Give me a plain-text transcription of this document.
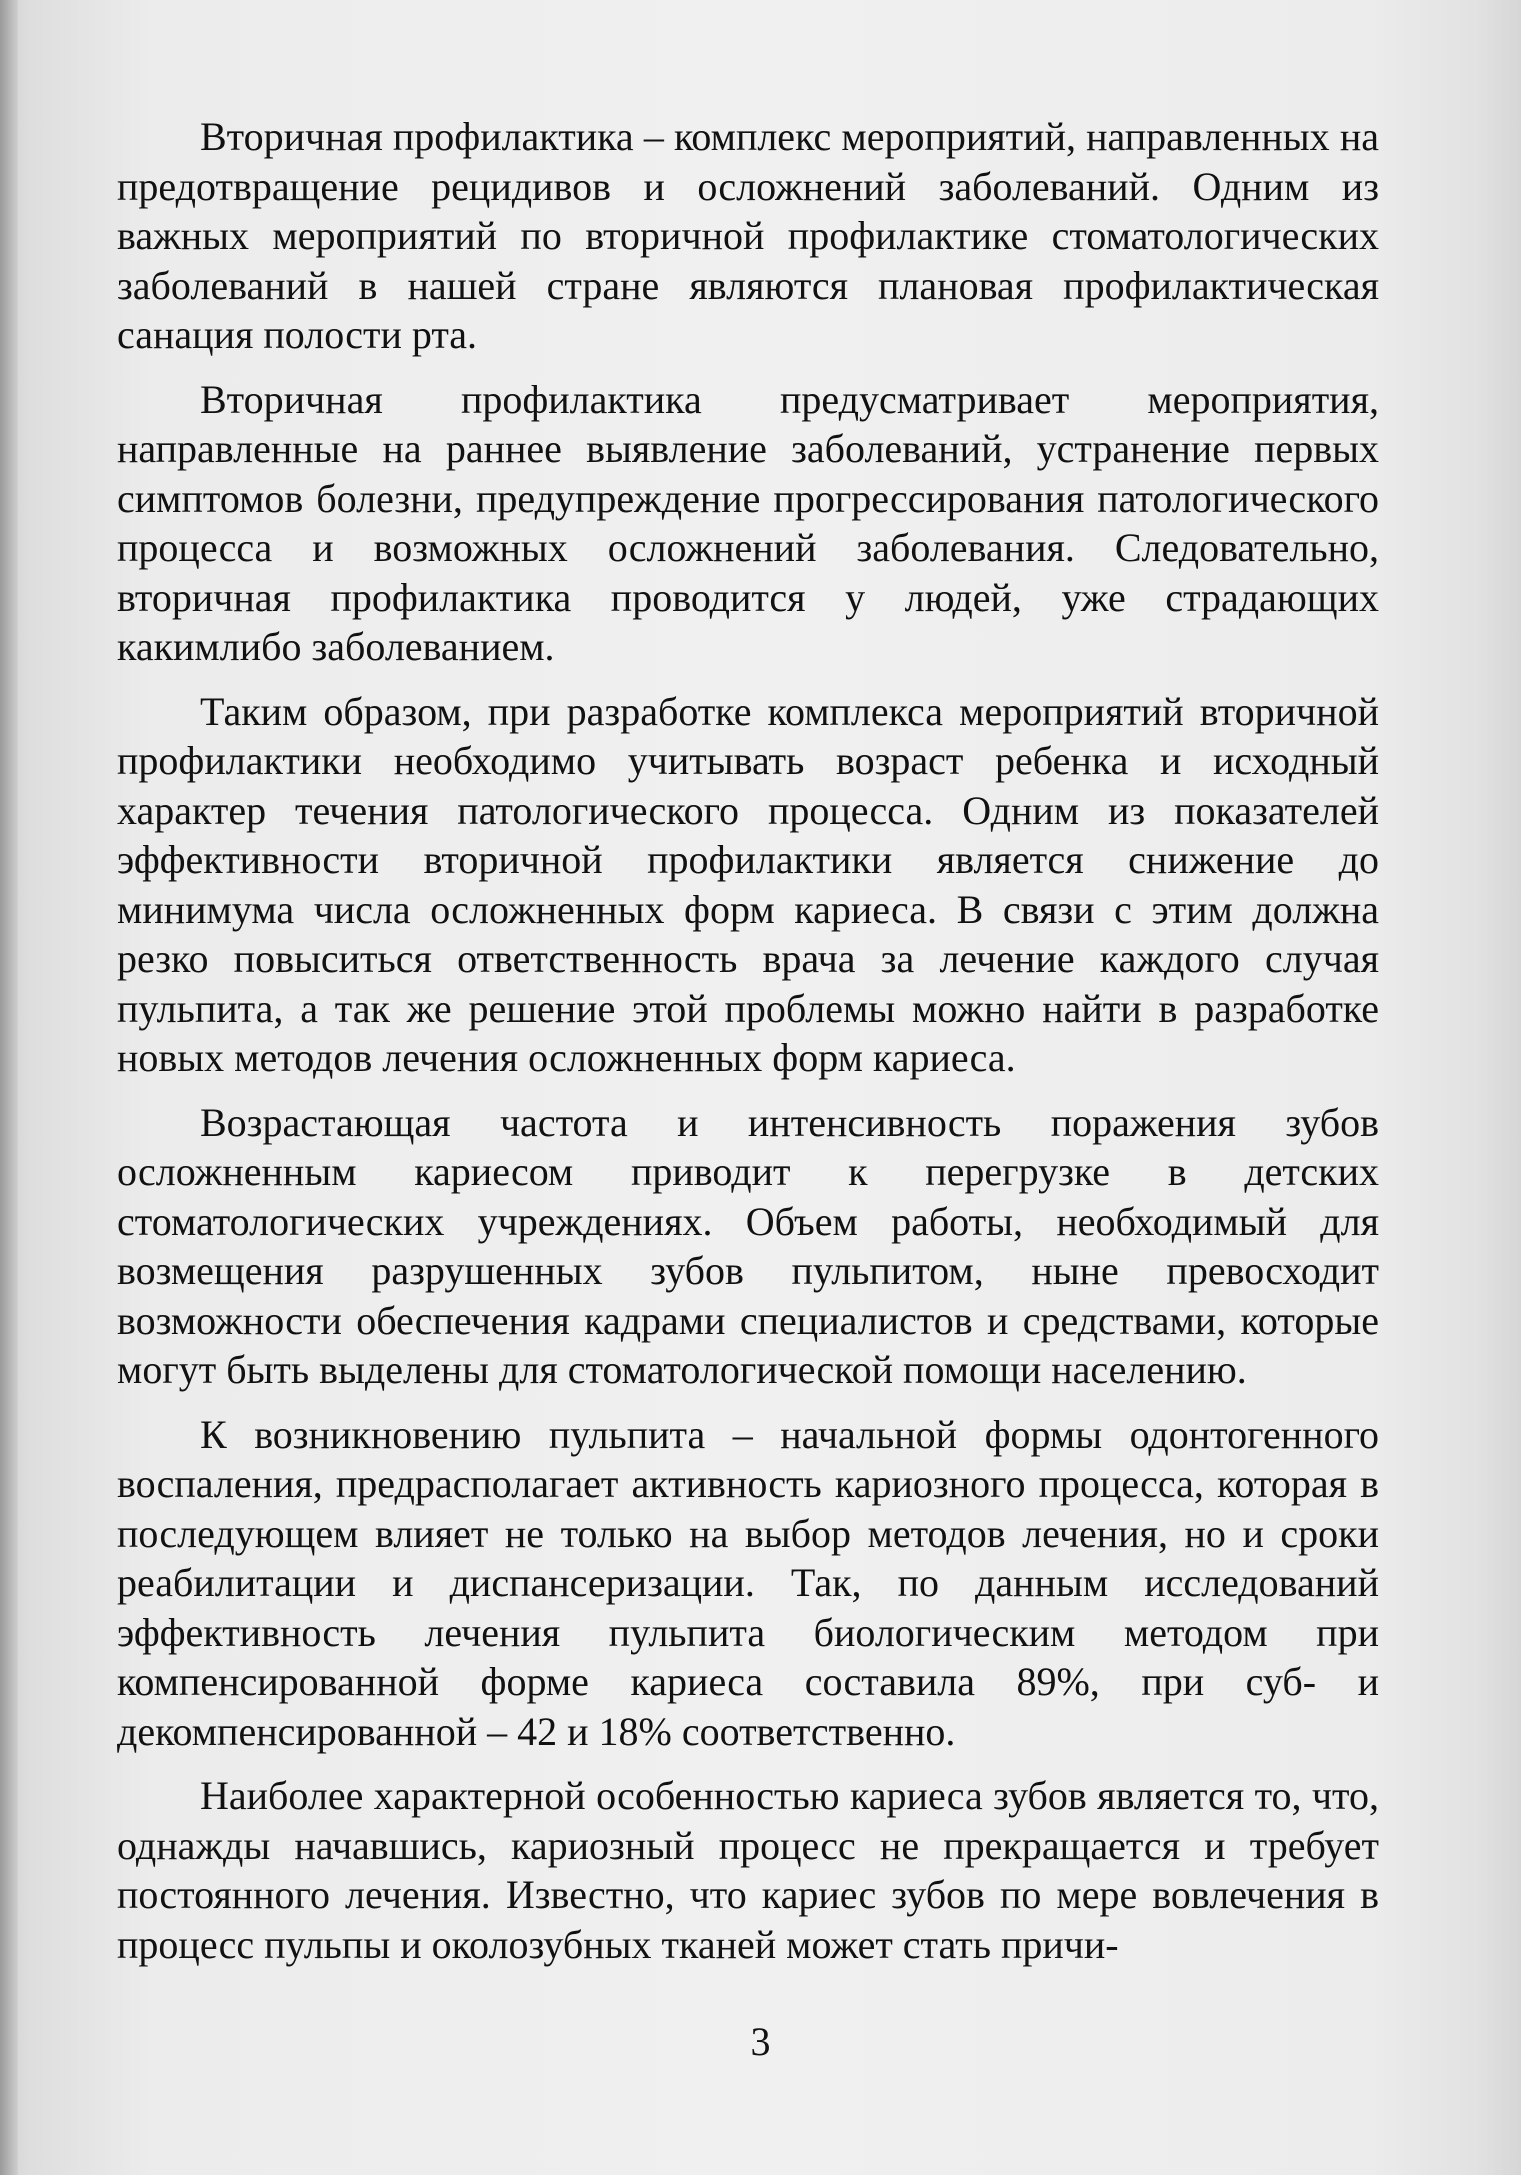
Вторичная профилактика – комплекс мероприятий, направленных на предотвращение рецидивов и осложнений заболеваний. Одним из важных мероприятий по вторичной профилактике стоматологических заболеваний в нашей стране являются плановая профилактическая санация полости рта.

Вторичная профилактика предусматривает мероприятия, направленные на раннее выявление заболеваний, устранение первых симптомов болезни, предупреждение прогрессирования патологического процесса и возможных осложнений заболевания. Следовательно, вторичная профилактика проводится у людей, уже страдающих какимлибо заболеванием.

Таким образом, при разработке комплекса мероприятий вторичной профилактики необходимо учитывать возраст ребенка и исходный характер течения патологического процесса. Одним из показателей эффективности вторичной профилактики является снижение до минимума числа осложненных форм кариеса. В связи с этим должна резко повыситься ответственность врача за лечение каждого случая пульпита, а так же решение этой проблемы можно найти в разработке новых методов лечения осложненных форм кариеса.

Возрастающая частота и интенсивность поражения зубов осложненным кариесом приводит к перегрузке в детских стоматологических учреждениях. Объем работы, необходимый для возмещения разрушенных зубов пульпитом, ныне превосходит возможности обеспечения кадрами специалистов и средствами, которые могут быть выделены для стоматологической помощи населению.

К возникновению пульпита – начальной формы одонтогенного воспаления, предрасполагает активность кариозного процесса, которая в последующем влияет не только на выбор методов лечения, но и сроки реабилитации и диспансеризации. Так, по данным исследований эффективность лечения пульпита биологическим методом при компенсированной форме кариеса составила 89%, при суб- и декомпенсированной – 42 и 18% соответственно.

Наиболее характерной особенностью кариеса зубов является то, что, однажды начавшись, кариозный процесс не прекращается и требует постоянного лечения. Известно, что кариес зубов по мере вовлечения в процесс пульпы и околозубных тканей может стать причи-

3
